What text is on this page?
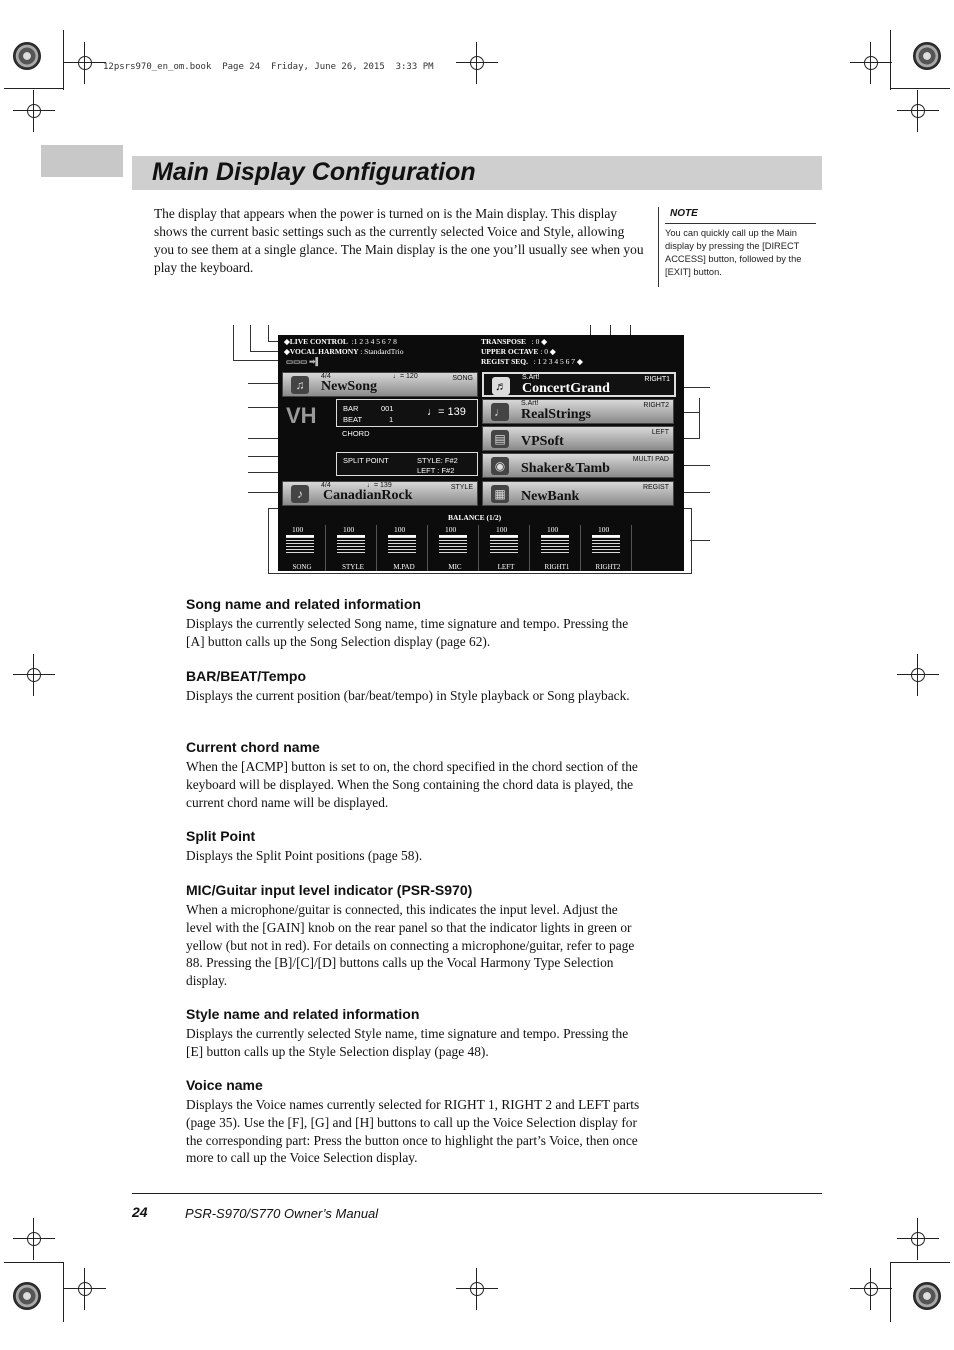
12psrs970_en_om.book  Page 24  Friday, June 26, 2015  3:33 PM
Main Display Configuration
The display that appears when the power is turned on is the Main display. This display shows the current basic settings such as the currently selected Voice and Style, allowing you to see them at a single glance. The Main display is the one you’ll usually see when you play the keyboard.
NOTE
You can quickly call up the Main display by pressing the [DIRECT ACCESS] button, followed by the [EXIT] button.
◆LIVE CONTROL :1 2 3 4 5 6 7 8
◆VOCAL HARMONY : StandardTrio
▭▭▭ ➡▌
TRANSPOSE : 0 ◆
UPPER OCTAVE : 0 ◆
REGIST SEQ. : 1 2 3 4 5 6 7 ◆
♫
4/4	♩= 120	SONG
NewSong
VH	BAR	001
BEAT	1
♩= 139
CHORD
SPLIT POINT	STYLE: F#2
LEFT : F#2
♪
4/4	♩= 139	STYLE
CanadianRock
♬
S.Art!	RIGHT1
ConcertGrand
♩
S.Art!	RIGHT2
RealStrings
▤	LEFT
VPSoft
◉	MULTI PAD
Shaker&Tamb
▦	REGIST
NewBank
BALANCE (1/2)
100
SONG
100
STYLE
100
M.PAD
100
MIC
100
LEFT
100
RIGHT1
100
RIGHT2
Song name and related information
Displays the currently selected Song name, time signature and tempo. Pressing the [A] button calls up the Song Selection display (page 62).
BAR/BEAT/Tempo
Displays the current position (bar/beat/tempo) in Style playback or Song playback.
Current chord name
When the [ACMP] button is set to on, the chord specified in the chord section of the keyboard will be displayed. When the Song containing the chord data is played, the current chord name will be displayed.
Split Point
Displays the Split Point positions (page 58).
MIC/Guitar input level indicator (PSR-S970)
When a microphone/guitar is connected, this indicates the input level. Adjust the level with the [GAIN] knob on the rear panel so that the indicator lights in green or yellow (but not in red). For details on connecting a microphone/guitar, refer to page 88. Pressing the [B]/[C]/[D] buttons calls up the Vocal Harmony Type Selection display.
Style name and related information
Displays the currently selected Style name, time signature and tempo. Pressing the [E] button calls up the Style Selection display (page 48).
Voice name
Displays the Voice names currently selected for RIGHT 1, RIGHT 2 and LEFT parts (page 35). Use the [F], [G] and [H] buttons to call up the Voice Selection display for the corresponding part: Press the button once to highlight the part’s Voice, then once more to call up the Voice Selection display.
24	PSR-S970/S770 Owner’s Manual
